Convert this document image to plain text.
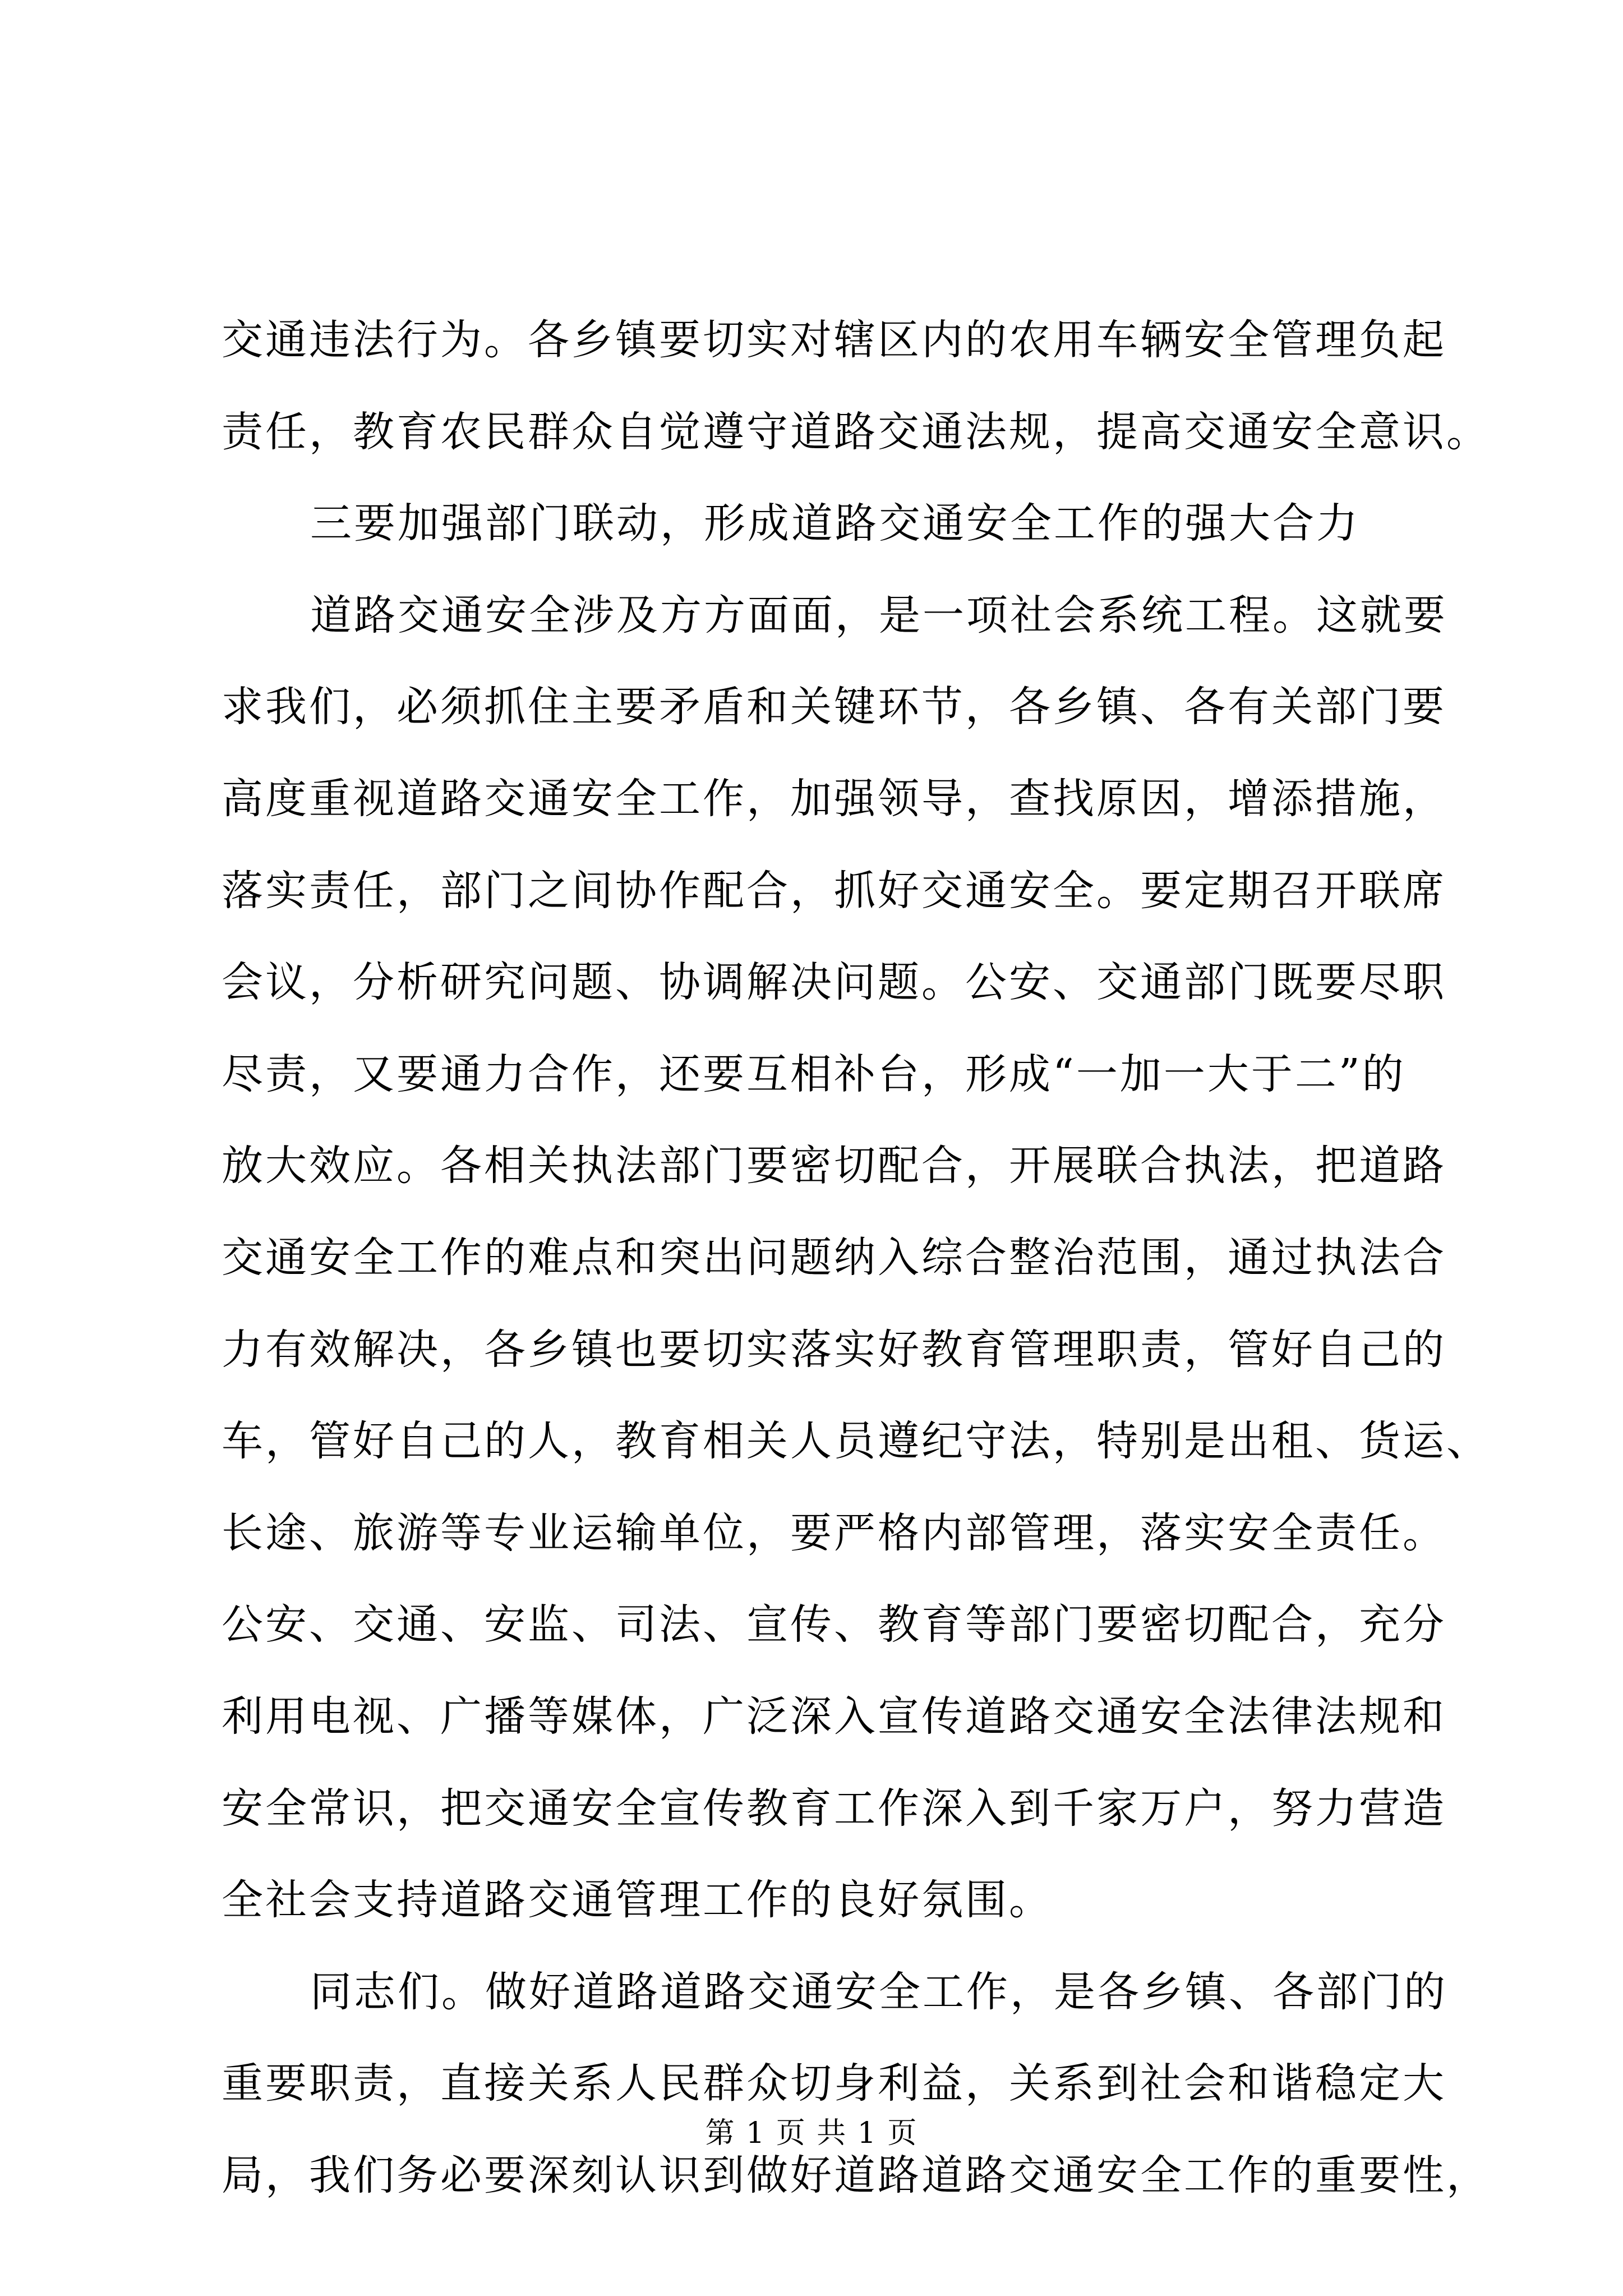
交通违法行为。各乡镇要切实对辖区内的农用车辆安全管理负起
责任，教育农民群众自觉遵守道路交通法规，提高交通安全意识。
三要加强部门联动，形成道路交通安全工作的强大合力
道路交通安全涉及方方面面，是一项社会系统工程。这就要
求我们，必须抓住主要矛盾和关键环节，各乡镇、各有关部门要
高度重视道路交通安全工作，加强领导，查找原因，增添措施，
落实责任，部门之间协作配合，抓好交通安全。要定期召开联席
会议，分析研究问题、协调解决问题。公安、交通部门既要尽职
尽责，又要通力合作，还要互相补台，形成“一加一大于二”的
放大效应。各相关执法部门要密切配合，开展联合执法，把道路
交通安全工作的难点和突出问题纳入综合整治范围，通过执法合
力有效解决，各乡镇也要切实落实好教育管理职责，管好自己的
车，管好自己的人，教育相关人员遵纪守法，特别是出租、货运、
长途、旅游等专业运输单位，要严格内部管理，落实安全责任。
公安、交通、安监、司法、宣传、教育等部门要密切配合，充分
利用电视、广播等媒体，广泛深入宣传道路交通安全法律法规和
安全常识，把交通安全宣传教育工作深入到千家万户，努力营造
全社会支持道路交通管理工作的良好氛围。
同志们。做好道路道路交通安全工作，是各乡镇、各部门的
重要职责，直接关系人民群众切身利益，关系到社会和谐稳定大
局，我们务必要深刻认识到做好道路道路交通安全工作的重要性，
第 1 页 共 1 页
